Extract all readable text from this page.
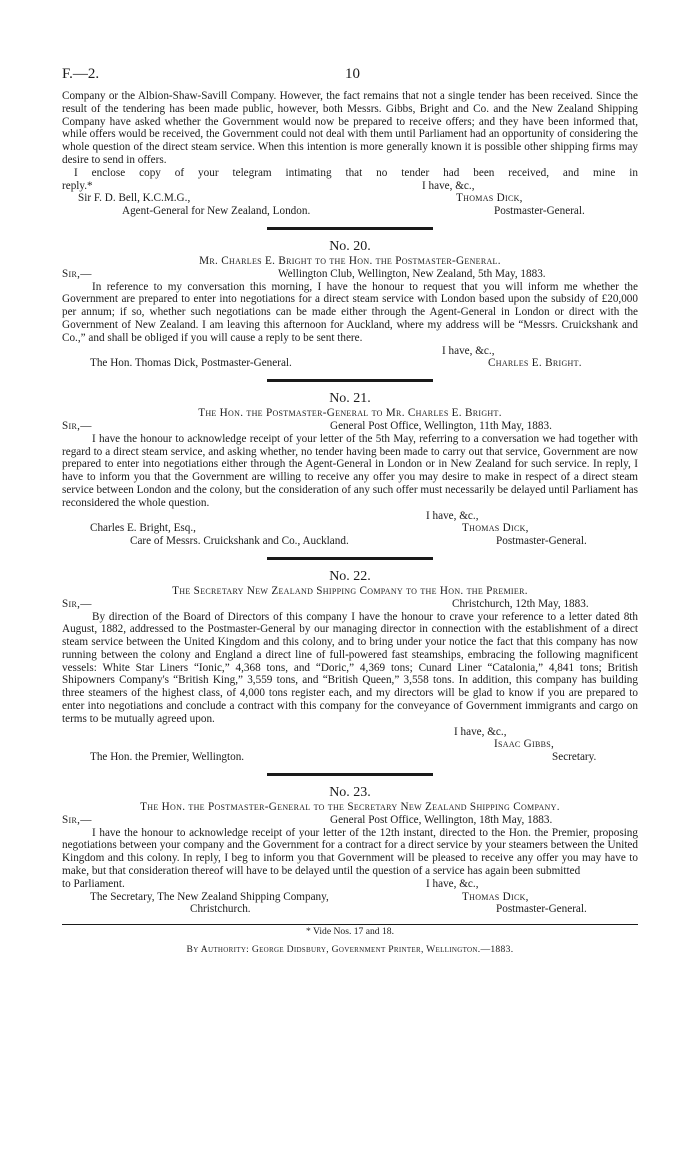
F.—2.	10

Company or the Albion-Shaw-Savill Company. However, the fact remains that not a single tender has been received. Since the result of the tendering has been made public, however, both Messrs. Gibbs, Bright and Co. and the New Zealand Shipping Company have asked whether the Government would now be prepared to receive offers; and they have been informed that, while offers would be received, the Government could not deal with them until Parliament had an opportunity of considering the whole question of the direct steam service. When this intention is more generally known it is possible other shipping firms may desire to send in offers.

I enclose copy of your telegram intimating that no tender had been received, and mine in

reply.*	I have, &c.,
Sir F. D. Bell, K.C.M.G.,	Thomas Dick,
Agent-General for New Zealand, London.	Postmaster-General.
No. 20.
Mr. Charles E. Bright to the Hon. the Postmaster-General.
Sir,—	Wellington Club, Wellington, New Zealand, 5th May, 1883.

In reference to my conversation this morning, I have the honour to request that you will inform me whether the Government are prepared to enter into negotiations for a direct steam service with London based upon the subsidy of £20,000 per annum; if so, whether such negotiations can be made either through the Agent-General in London or direct with the Government of New Zealand. I am leaving this afternoon for Auckland, where my address will be “Messrs. Cruickshank and Co.,” and shall be obliged if you will cause a reply to be sent there.

I have, &c.,
The Hon. Thomas Dick, Postmaster-General.	Charles E. Bright.
No. 21.
The Hon. the Postmaster-General to Mr. Charles E. Bright.
Sir,—	General Post Office, Wellington, 11th May, 1883.

I have the honour to acknowledge receipt of your letter of the 5th May, referring to a conversation we had together with regard to a direct steam service, and asking whether, no tender having been made to carry out that service, Government are now prepared to enter into negotiations either through the Agent-General in London or in New Zealand for such service. In reply, I have to inform you that the Government are willing to receive any offer you may desire to make in respect of a direct steam service between London and the colony, but the consideration of any such offer must necessarily be delayed until Parliament has reconsidered the whole question.

I have, &c.,
Charles E. Bright, Esq.,	Thomas Dick,
Care of Messrs. Cruickshank and Co., Auckland.	Postmaster-General.
No. 22.
The Secretary New Zealand Shipping Company to the Hon. the Premier.
Sir,—	Christchurch, 12th May, 1883.

By direction of the Board of Directors of this company I have the honour to crave your reference to a letter dated 8th August, 1882, addressed to the Postmaster-General by our managing director in connection with the establishment of a direct steam service between the United Kingdom and this colony, and to bring under your notice the fact that this company has now running between the colony and England a direct line of full-powered fast steamships, embracing the following magnificent vessels: White Star Liners “Ionic,” 4,368 tons, and “Doric,” 4,369 tons; Cunard Liner “Catalonia,” 4,841 tons; British Shipowners Company's “British King,” 3,559 tons, and “British Queen,” 3,558 tons. In addition, this company has building three steamers of the highest class, of 4,000 tons register each, and my directors will be glad to know if you are prepared to enter into negotiations and conclude a contract with this company for the conveyance of Government immigrants and cargo on terms to be mutually agreed upon.

I have, &c.,
Isaac Gibbs,
The Hon. the Premier, Wellington.	Secretary.
No. 23.
The Hon. the Postmaster-General to the Secretary New Zealand Shipping Company.
Sir,—	General Post Office, Wellington, 18th May, 1883.

I have the honour to acknowledge receipt of your letter of the 12th instant, directed to the Hon. the Premier, proposing negotiations between your company and the Government for a contract for a direct service by your steamers between the United Kingdom and this colony. In reply, I beg to inform you that Government will be pleased to receive any offer you may have to make, but that consideration thereof will have to be delayed until the question of a service has again been submitted

to Parliament.	I have, &c.,
The Secretary, The New Zealand Shipping Company,	Thomas Dick,
Christchurch.	Postmaster-General.
* Vide Nos. 17 and 18.
By Authority: George Didsbury, Government Printer, Wellington.—1883.
